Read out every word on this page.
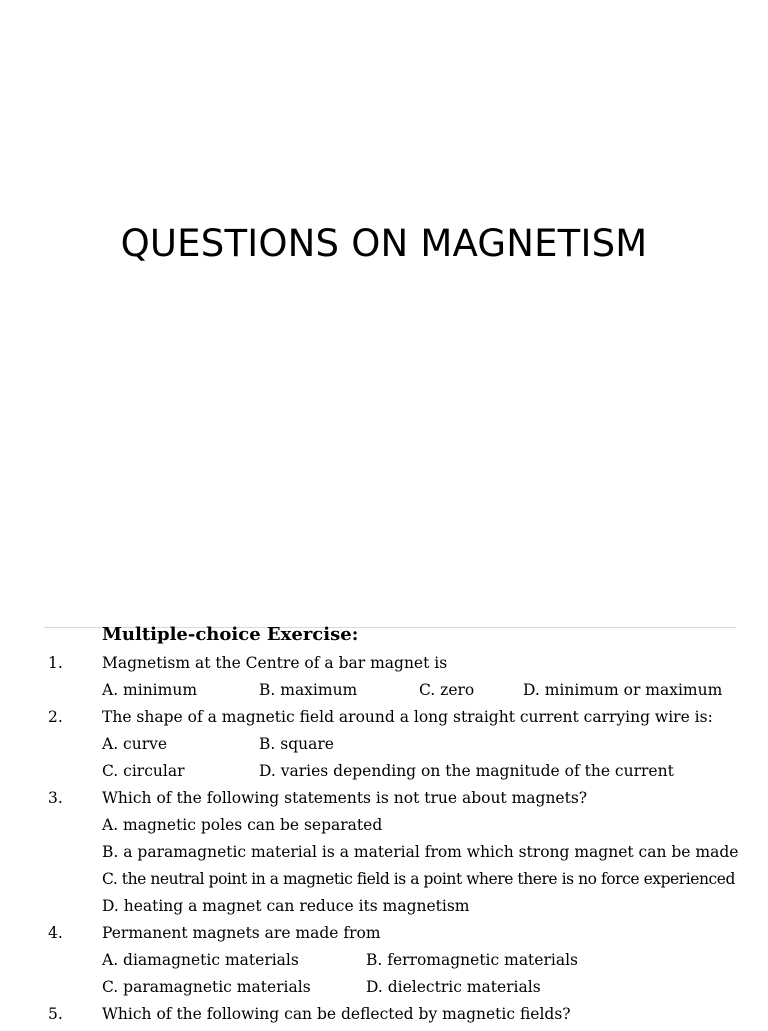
QUESTIONS ON MAGNETISM
Multiple-choice Exercise:
1.	Magnetism at the Centre of a bar magnet is
A. minimum	B. maximum	C. zero	D. minimum or maximum
2.	The shape of a magnetic field around a long straight current carrying wire is:
A. curve	B. square
C. circular	D. varies depending on the magnitude of the current
3.	Which of the following statements is not true about magnets?
A. magnetic poles can be separated
B. a paramagnetic material is a material from which strong magnet can be made
C. the neutral point in a magnetic field is a point where there is no force experienced
D. heating a magnet can reduce its magnetism
4.	Permanent magnets are made from
A. diamagnetic materials	B. ferromagnetic materials
C. paramagnetic materials	D. dielectric materials
5.	Which of the following can be deflected by magnetic fields?
